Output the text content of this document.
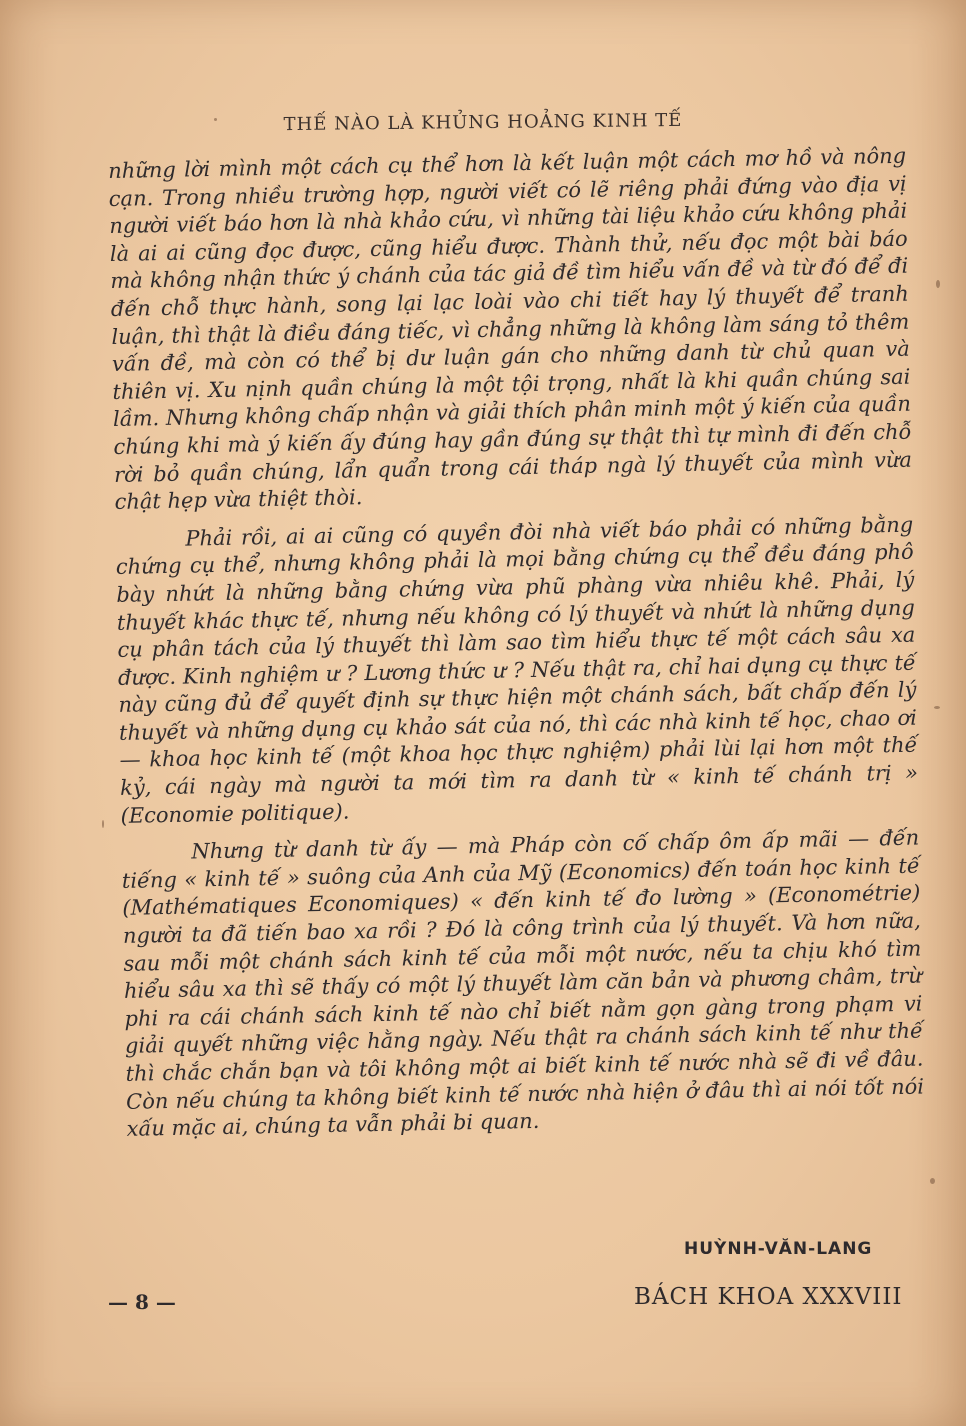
THẾ NÀO LÀ KHỦNG HOẢNG KINH TẾ

những lời mình một cách cụ thể hơn là kết luận một cách mơ hồ và nông cạn. Trong nhiều trường hợp, người viết có lẽ riêng phải đứng vào địa vị người viết báo hơn là nhà khảo cứu, vì những tài liệu khảo cứu không phải là ai ai cũng đọc được, cũng hiểu được. Thành thử, nếu đọc một bài báo mà không nhận thức ý chánh của tác giả đề tìm hiểu vấn đề và từ đó để đi đến chỗ thực hành, song lại lạc loài vào chi tiết hay lý thuyết để tranh luận, thì thật là điều đáng tiếc, vì chẳng những là không làm sáng tỏ thêm vấn đề, mà còn có thể bị dư luận gán cho những danh từ chủ quan và thiên vị. Xu nịnh quần chúng là một tội trọng, nhất là khi quần chúng sai lầm. Nhưng không chấp nhận và giải thích phân minh một ý kiến của quần chúng khi mà ý kiến ấy đúng hay gần đúng sự thật thì tự mình đi đến chỗ rời bỏ quần chúng, lẩn quẩn trong cái tháp ngà lý thuyết của mình vừa chật hẹp vừa thiệt thòi.

Phải rồi, ai ai cũng có quyền đòi nhà viết báo phải có những bằng chứng cụ thể, nhưng không phải là mọi bằng chứng cụ thể đều đáng phô bày nhứt là những bằng chứng vừa phũ phàng vừa nhiêu khê. Phải, lý thuyết khác thực tế, nhưng nếu không có lý thuyết và nhứt là những dụng cụ phân tách của lý thuyết thì làm sao tìm hiểu thực tế một cách sâu xa được. Kinh nghiệm ư ? Lương thức ư ? Nếu thật ra, chỉ hai dụng cụ thực tế này cũng đủ để quyết định sự thực hiện một chánh sách, bất chấp đến lý thuyết và những dụng cụ khảo sát của nó, thì các nhà kinh tế học, chao ơi — khoa học kinh tế (một khoa học thực nghiệm) phải lùi lại hơn một thế kỷ, cái ngày mà người ta mới tìm ra danh từ « kinh tế chánh trị » (Economie politique).

Nhưng từ danh từ ấy — mà Pháp còn cố chấp ôm ấp mãi — đến tiếng « kinh tế » suông của Anh của Mỹ (Economics) đến toán học kinh tế (Mathématiques Economiques) « đến kinh tế đo lường » (Econométrie) người ta đã tiến bao xa rồi ? Đó là công trình của lý thuyết. Và hơn nữa, sau mỗi một chánh sách kinh tế của mỗi một nước, nếu ta chịu khó tìm hiểu sâu xa thì sẽ thấy có một lý thuyết làm căn bản và phương châm, trừ phi ra cái chánh sách kinh tế nào chỉ biết nằm gọn gàng trong phạm vi giải quyết những việc hằng ngày. Nếu thật ra chánh sách kinh tế như thế thì chắc chắn bạn và tôi không một ai biết kinh tế nước nhà sẽ đi về đâu. Còn nếu chúng ta không biết kinh tế nước nhà hiện ở đâu thì ai nói tốt nói xấu mặc ai, chúng ta vẫn phải bi quan.

HUỲNH-VĂN-LANG
— 8 —	BÁCH KHOA XXXVIII
